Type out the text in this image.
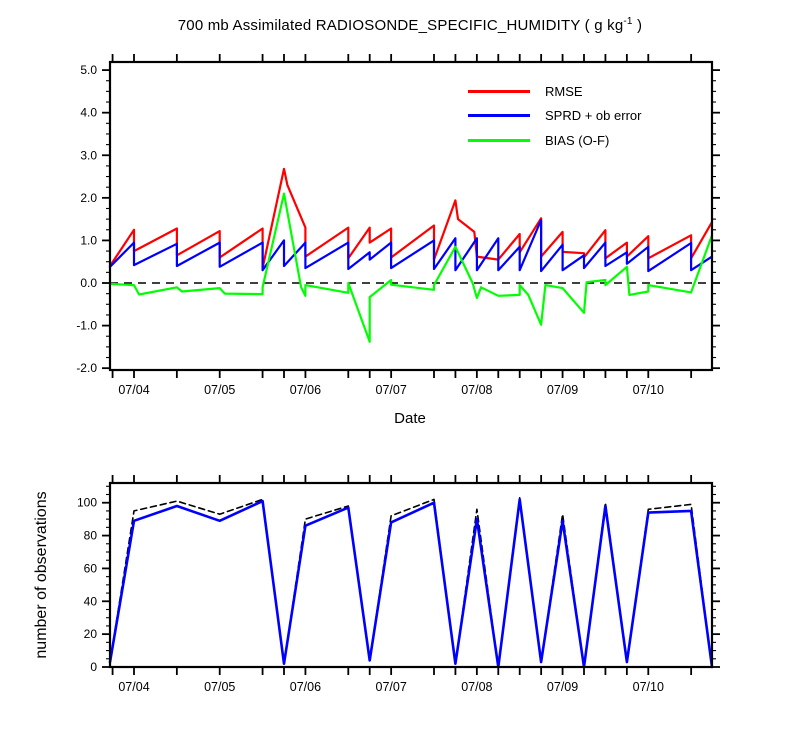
700 mb Assimilated RADIOSONDE_SPECIFIC_HUMIDITY ( g $kg^{-1}$ )
07/04	07/05	07/06	07/07	07/08	07/09	07/10
-2.0
-1.0
0.0
1.0
2.0
3.0
4.0
5.0
07/04	07/05	07/06	07/07	07/08	07/09	07/10
0
20
40
60
80
100
RMSE
SPRD + ob error
BIAS (O-F)
Date
number of observations
